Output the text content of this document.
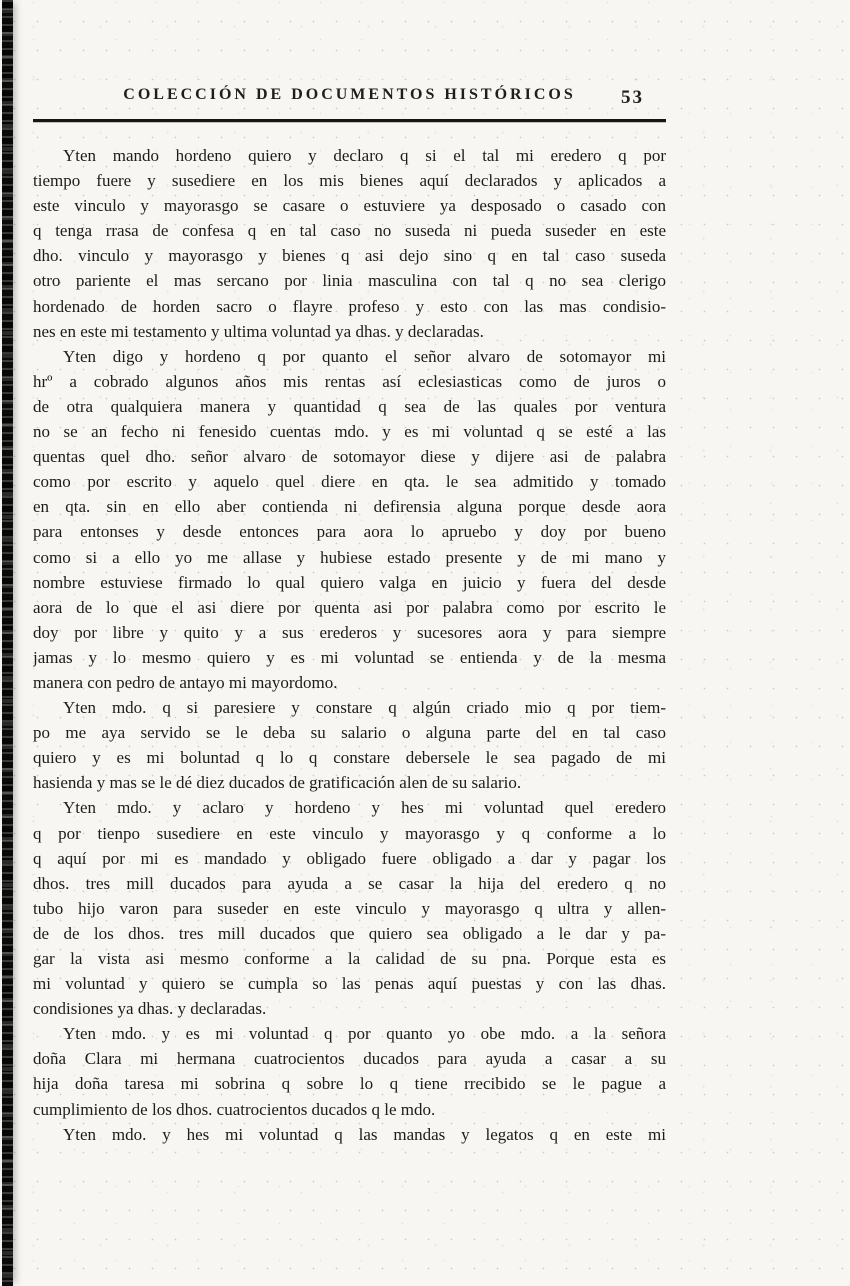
COLECCIÓN DE DOCUMENTOS HISTÓRICOS	53
Yten mando hordeno quiero y declaro q si el tal mi eredero q por
tiempo fuere y susediere en los mis bienes aquí declarados y aplicados a
este vinculo y mayorasgo se casare o estuviere ya desposado o casado con
q tenga rrasa de confesa q en tal caso no suseda ni pueda suseder en este
dho. vinculo y mayorasgo y bienes q asi dejo sino q en tal caso suseda
otro pariente el mas sercano por linia masculina con tal q no sea clerigo
hordenado de horden sacro o flayre profeso y esto con las mas condisio-
nes en este mi testamento y ultima voluntad ya dhas. y declaradas.
Yten digo y hordeno q por quanto el señor alvaro de sotomayor mi
hrº a cobrado algunos años mis rentas así eclesiasticas como de juros o
de otra qualquiera manera y quantidad q sea de las quales por ventura
no se an fecho ni fenesido cuentas mdo. y es mi voluntad q se esté a las
quentas quel dho. señor alvaro de sotomayor diese y dijere asi de palabra
como por escrito y aquelo quel diere en qta. le sea admitido y tomado
en qta. sin en ello aber contienda ni defirensia alguna porque desde aora
para entonses y desde entonces para aora lo apruebo y doy por bueno
como si a ello yo me allase y hubiese estado presente y de mi mano y
nombre estuviese firmado lo qual quiero valga en juicio y fuera del desde
aora de lo que el asi diere por quenta asi por palabra como por escrito le
doy por libre y quito y a sus erederos y sucesores aora y para siempre
jamas y lo mesmo quiero y es mi voluntad se entienda y de la mesma
manera con pedro de antayo mi mayordomo.
Yten mdo. q si paresiere y constare q algún criado mio q por tiem-
po me aya servido se le deba su salario o alguna parte del en tal caso
quiero y es mi boluntad q lo q constare debersele le sea pagado de mi
hasienda y mas se le dé diez ducados de gratificación alen de su salario.
Yten mdo. y aclaro y hordeno y hes mi voluntad quel eredero
q por tienpo susediere en este vinculo y mayorasgo y q conforme a lo
q aquí por mi es mandado y obligado fuere obligado a dar y pagar los
dhos. tres mill ducados para ayuda a se casar la hija del eredero q no
tubo hijo varon para suseder en este vinculo y mayorasgo q ultra y allen-
de de los dhos. tres mill ducados que quiero sea obligado a le dar y pa-
gar la vista asi mesmo conforme a la calidad de su pna. Porque esta es
mi voluntad y quiero se cumpla so las penas aquí puestas y con las dhas.
condisiones ya dhas. y declaradas.
Yten mdo. y es mi voluntad q por quanto yo obe mdo. a la señora
doña Clara mi hermana cuatrocientos ducados para ayuda a casar a su
hija doña taresa mi sobrina q sobre lo q tiene rrecibido se le pague a
cumplimiento de los dhos. cuatrocientos ducados q le mdo.
Yten mdo. y hes mi voluntad q las mandas y legatos q en este mi
